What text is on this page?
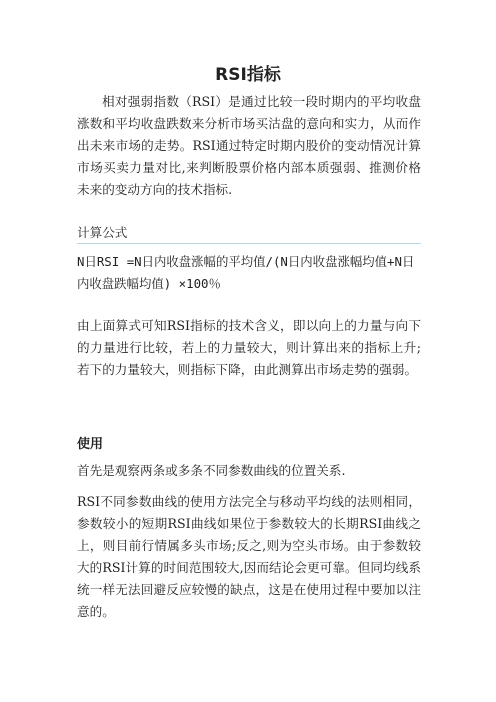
RSI指标

相对强弱指数（RSI）是通过比较一段时期内的平均收盘涨数和平均收盘跌数来分析市场买沽盘的意向和实力，从而作出未来市场的走势。RSI通过特定时期内股价的变动情况计算市场买卖力量对比,来判断股票价格内部本质强弱、推测价格未来的变动方向的技术指标.

计算公式

N日RSI =N日内收盘涨幅的平均值/(N日内收盘涨幅均值+N日内收盘跌幅均值) ×100％

由上面算式可知RSI指标的技术含义，即以向上的力量与向下的力量进行比较，若上的力量较大，则计算出来的指标上升;若下的力量较大，则指标下降，由此测算出市场走势的强弱。

使用

首先是观察两条或多条不同参数曲线的位置关系.

RSI不同参数曲线的使用方法完全与移动平均线的法则相同，参数较小的短期RSI曲线如果位于参数较大的长期RSI曲线之上，则目前行情属多头市场;反之,则为空头市场。由于参数较大的RSI计算的时间范围较大,因而结论会更可靠。但同均线系统一样无法回避反应较慢的缺点，这是在使用过程中要加以注意的。
